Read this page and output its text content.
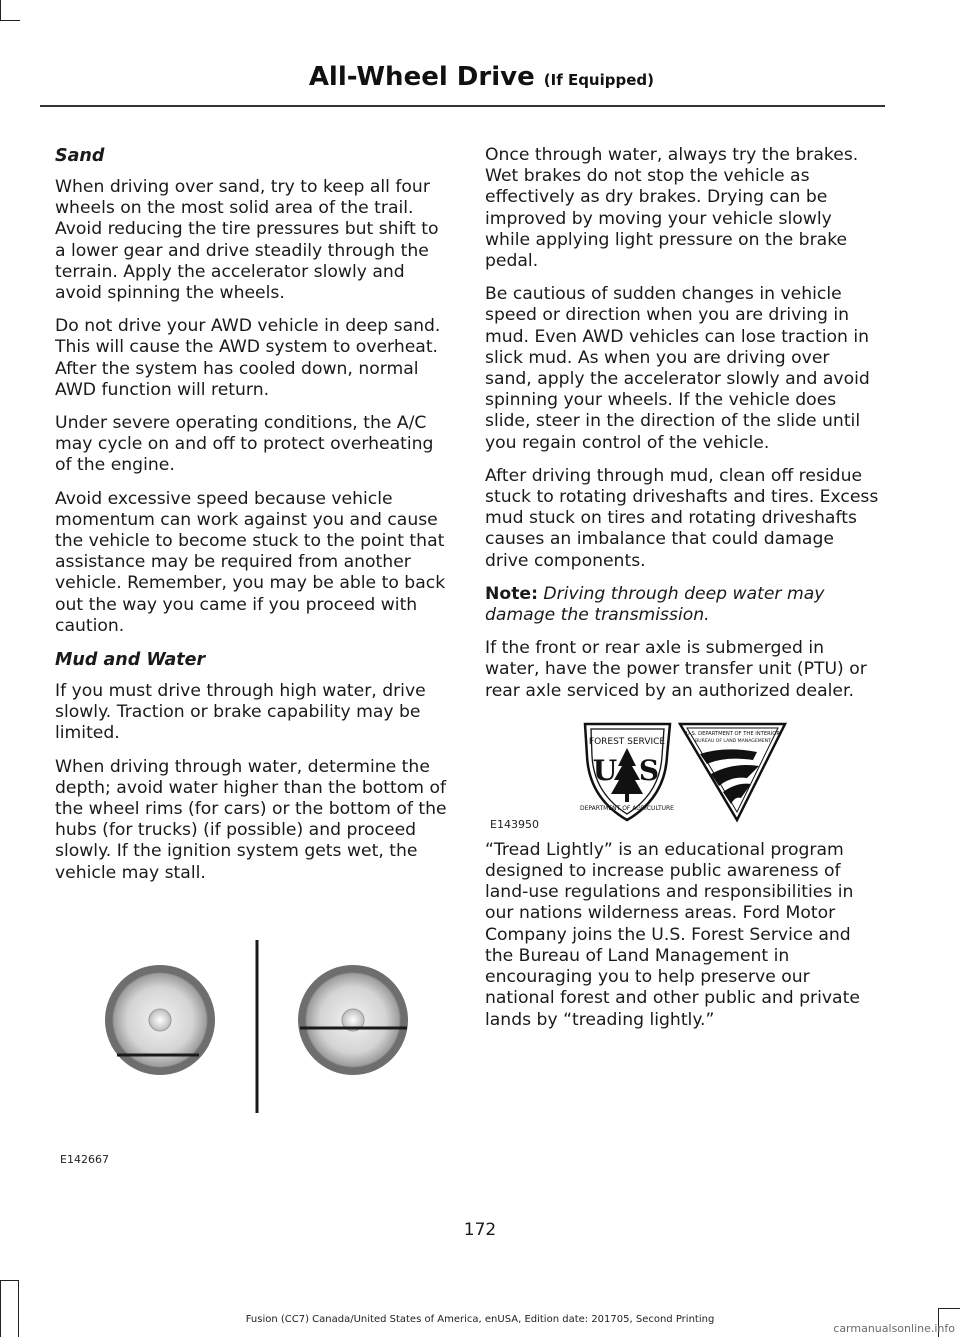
All-Wheel Drive (If Equipped)
Sand

When driving over sand, try to keep all four wheels on the most solid area of the trail. Avoid reducing the tire pressures but shift to a lower gear and drive steadily through the terrain. Apply the accelerator slowly and avoid spinning the wheels.

Do not drive your AWD vehicle in deep sand. This will cause the AWD system to overheat. After the system has cooled down, normal AWD function will return.

Under severe operating conditions, the A/C may cycle on and off to protect overheating of the engine.

Avoid excessive speed because vehicle momentum can work against you and cause the vehicle to become stuck to the point that assistance may be required from another vehicle. Remember, you may be able to back out the way you came if you proceed with caution.

Mud and Water

If you must drive through high water, drive slowly. Traction or brake capability may be limited.

When driving through water, determine the depth; avoid water higher than the bottom of the wheel rims (for cars) or the bottom of the hubs (for trucks) (if possible) and proceed slowly. If the ignition system gets wet, the vehicle may stall.

E142667

Once through water, always try the brakes. Wet brakes do not stop the vehicle as effectively as dry brakes. Drying can be improved by moving your vehicle slowly while applying light pressure on the brake pedal.

Be cautious of sudden changes in vehicle speed or direction when you are driving in mud. Even AWD vehicles can lose traction in slick mud. As when you are driving over sand, apply the accelerator slowly and avoid spinning your wheels. If the vehicle does slide, steer in the direction of the slide until you regain control of the vehicle.

After driving through mud, clean off residue stuck to rotating driveshafts and tires. Excess mud stuck on tires and rotating driveshafts causes an imbalance that could damage drive components.

Note: Driving through deep water may damage the transmission.

If the front or rear axle is submerged in water, have the power transfer unit (PTU) or rear axle serviced by an authorized dealer.

FOREST SERVICE
U S
DEPARTMENT OF AGRICULTURE
U.S. DEPARTMENT OF THE INTERIOR
BUREAU OF LAND MANAGEMENT
E143950

“Tread Lightly” is an educational program designed to increase public awareness of land-use regulations and responsibilities in our nations wilderness areas. Ford Motor Company joins the U.S. Forest Service and the Bureau of Land Management in encouraging you to help preserve our national forest and other public and private lands by “treading lightly.”

172
Fusion (CC7) Canada/United States of America, enUSA, Edition date: 201705, Second Printing
carmanualsonline.info
